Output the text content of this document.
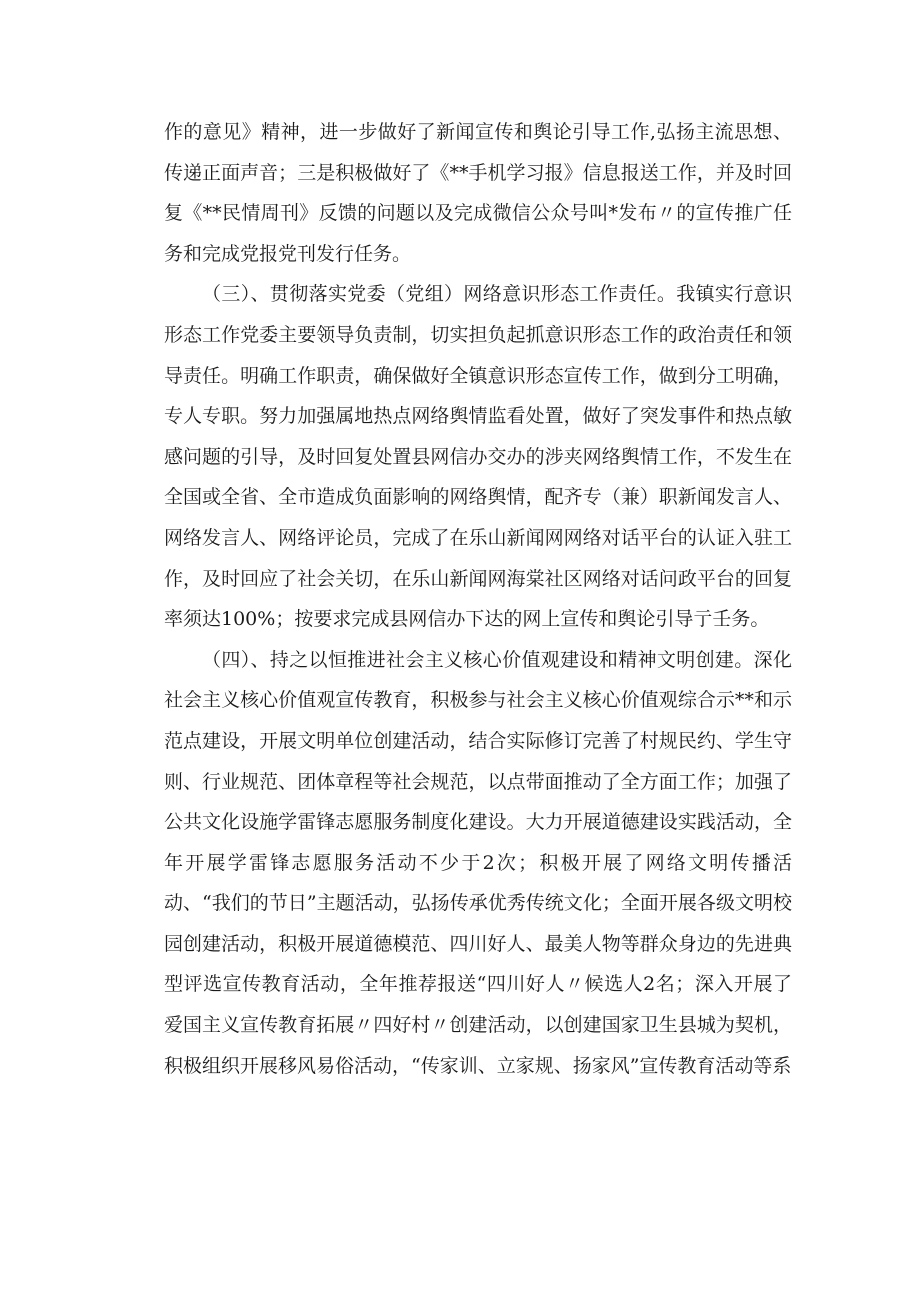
作的意见》精神，进一步做好了新闻宣传和舆论引导工作,弘扬主流思想、传递正面声音；三是积极做好了《**手机学习报》信息报送工作，并及时回复《**民情周刊》反馈的问题以及完成微信公众号叫*发布〃的宣传推广任务和完成党报党刊发行任务。

（三）、贯彻落实党委（党组）网络意识形态工作责任。我镇实行意识形态工作党委主要领导负责制，切实担负起抓意识形态工作的政治责任和领导责任。明确工作职责，确保做好全镇意识形态宣传工作，做到分工明确，专人专职。努力加强属地热点网络舆情监看处置，做好了突发事件和热点敏感问题的引导，及时回复处置县网信办交办的涉夹网络舆情工作，不发生在全国或全省、全市造成负面影响的网络舆情，配齐专（兼）职新闻发言人、网络发言人、网络评论员，完成了在乐山新闻网网络对话平台的认证入驻工作，及时回应了社会关切，在乐山新闻网海棠社区网络对话问政平台的回复率须达100%；按要求完成县网信办下达的网上宣传和舆论引导亍壬务。

（四）、持之以恒推进社会主义核心价值观建设和精神文明创建。深化社会主义核心价值观宣传教育，积极参与社会主义核心价值观综合示**和示范点建设，开展文明单位创建活动，结合实际修订完善了村规民约、学生守则、行业规范、团体章程等社会规范，以点带面推动了全方面工作；加强了公共文化设施学雷锋志愿服务制度化建设。大力开展道德建设实践活动，全年开展学雷锋志愿服务活动不少于2次；积极开展了网络文明传播活动、“我们的节日”主题活动，弘扬传承优秀传统文化；全面开展各级文明校园创建活动，积极开展道德模范、四川好人、最美人物等群众身边的先进典型评选宣传教育活动，全年推荐报送“四川好人〃候选人2名；深入开展了爱国主义宣传教育拓展〃四好村〃创建活动，以创建国家卫生县城为契机，积极组织开展移风易俗活动，“传家训、立家规、扬家风”宣传教育活动等系
